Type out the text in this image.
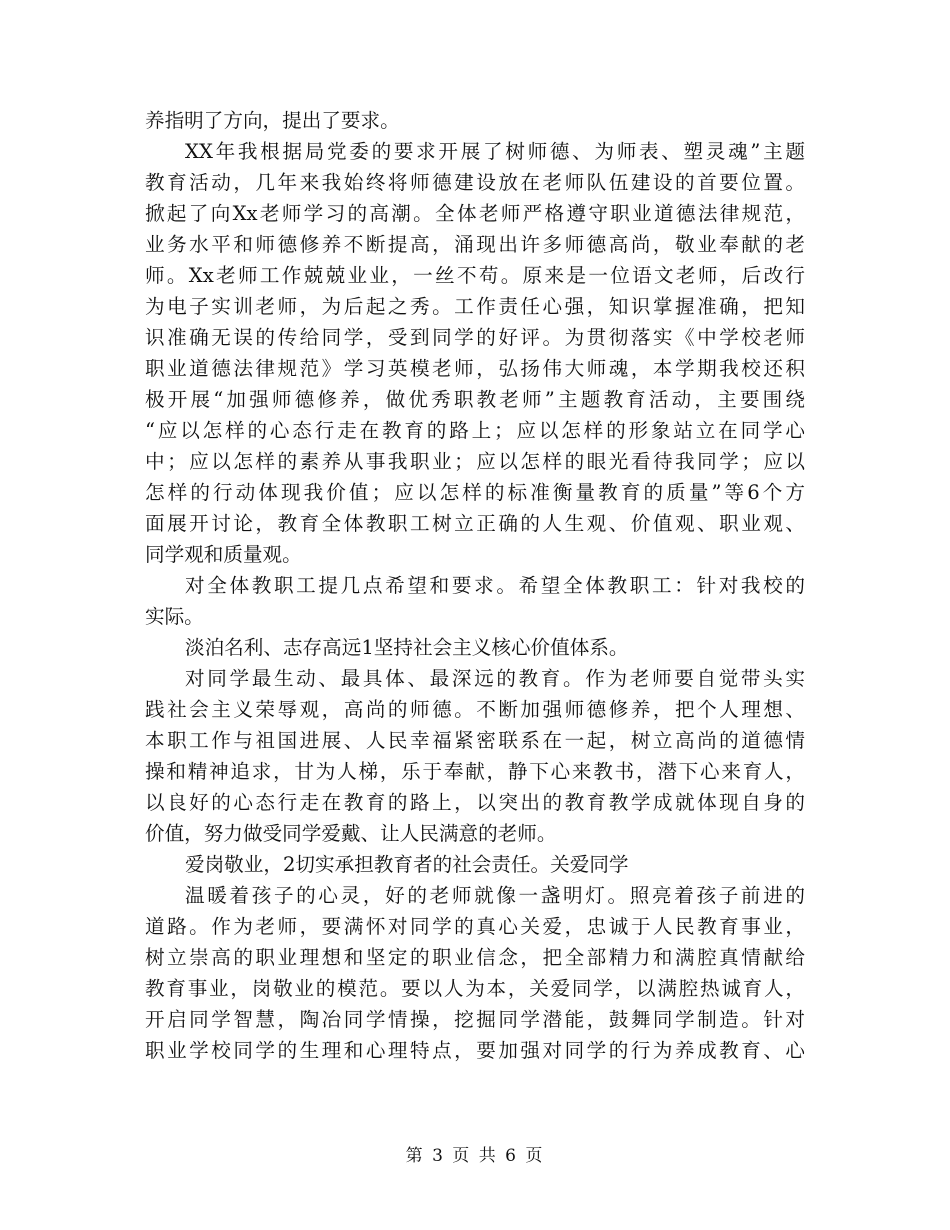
养指明了方向，提出了要求。
XX年我根据局党委的要求开展了树师德、为师表、塑灵魂”主题
教育活动，几年来我始终将师德建设放在老师队伍建设的首要位置。
掀起了向Xx老师学习的高潮。全体老师严格遵守职业道德法律规范，
业务水平和师德修养不断提高，涌现出许多师德高尚，敬业奉献的老
师。Xx老师工作兢兢业业，一丝不苟。原来是一位语文老师，后改行
为电子实训老师，为后起之秀。工作责任心强，知识掌握准确，把知
识准确无误的传给同学，受到同学的好评。为贯彻落实《中学校老师
职业道德法律规范》学习英模老师，弘扬伟大师魂，本学期我校还积
极开展“加强师德修养，做优秀职教老师”主题教育活动，主要围绕
“应以怎样的心态行走在教育的路上；应以怎样的形象站立在同学心
中；应以怎样的素养从事我职业；应以怎样的眼光看待我同学；应以
怎样的行动体现我价值；应以怎样的标准衡量教育的质量”等6个方
面展开讨论，教育全体教职工树立正确的人生观、价值观、职业观、
同学观和质量观。
对全体教职工提几点希望和要求。希望全体教职工：针对我校的
实际。
淡泊名利、志存高远1坚持社会主义核心价值体系。
对同学最生动、最具体、最深远的教育。作为老师要自觉带头实
践社会主义荣辱观，高尚的师德。不断加强师德修养，把个人理想、
本职工作与祖国进展、人民幸福紧密联系在一起，树立高尚的道德情
操和精神追求，甘为人梯，乐于奉献，静下心来教书，潜下心来育人，
以良好的心态行走在教育的路上，以突出的教育教学成就体现自身的
价值，努力做受同学爱戴、让人民满意的老师。
爱岗敬业，2切实承担教育者的社会责任。关爱同学
温暖着孩子的心灵，好的老师就像一盏明灯。照亮着孩子前进的
道路。作为老师，要满怀对同学的真心关爱，忠诚于人民教育事业，
树立崇高的职业理想和坚定的职业信念，把全部精力和满腔真情献给
教育事业，岗敬业的模范。要以人为本，关爱同学，以满腔热诚育人，
开启同学智慧，陶冶同学情操，挖掘同学潜能，鼓舞同学制造。针对
职业学校同学的生理和心理特点，要加强对同学的行为养成教育、心
第 3 页 共 6 页
